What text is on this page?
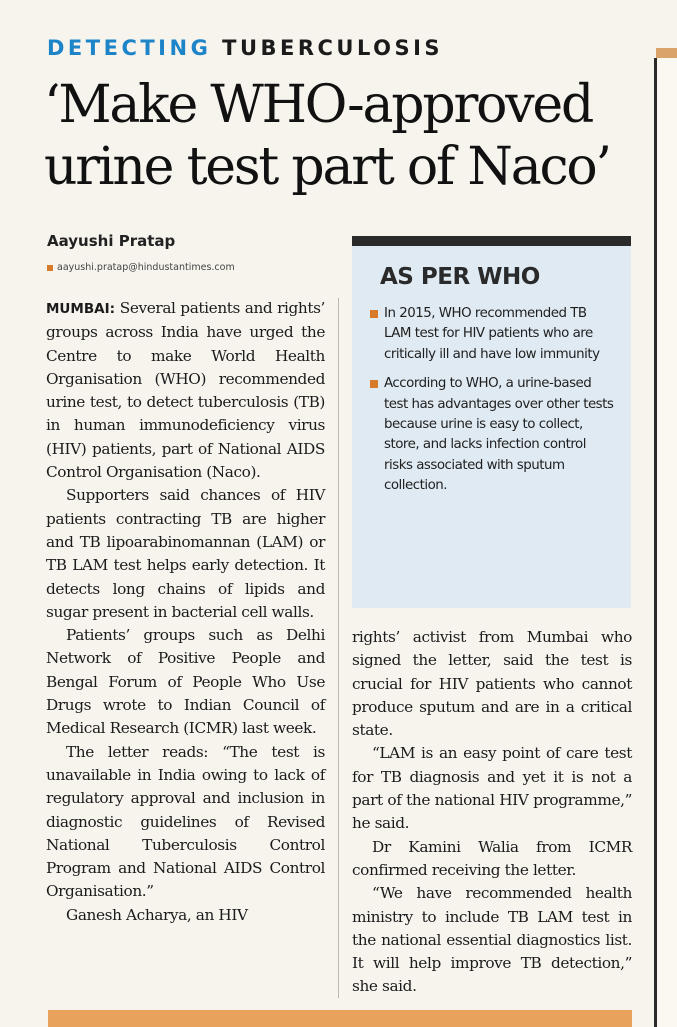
DETECTING TUBERCULOSIS
‘Make WHO-approved urine test part of Naco’
Aayushi Pratap
aayushi.pratap@hindustantimes.com

MUMBAI: Several patients and rights’ groups across India have urged the Centre to make World Health Organisation (WHO) recommended urine test, to detect tuberculosis (TB) in human immunodeficiency virus (HIV) patients, part of National AIDS Control Organisation (Naco).

Supporters said chances of HIV patients contracting TB are higher and TB lipoarabinomannan (LAM) or TB LAM test helps early detection. It detects long chains of lipids and sugar present in bacterial cell walls.

Patients’ groups such as Delhi Network of Positive People and Bengal Forum of People Who Use Drugs wrote to Indian Council of Medical Research (ICMR) last week.

The letter reads: “The test is unavailable in India owing to lack of regulatory approval and inclusion in diagnostic guidelines of Revised National Tuberculosis Control Program and National AIDS Control Organisation.”

Ganesh Acharya, an HIV

AS PER WHO
In 2015, WHO recommended TB LAM test for HIV patients who are critically ill and have low immunity
According to WHO, a urine-based test has advantages over other tests because urine is easy to collect, store, and lacks infection control risks associated with sputum collection.

rights’ activist from Mumbai who signed the letter, said the test is crucial for HIV patients who cannot produce sputum and are in a critical state.

“LAM is an easy point of care test for TB diagnosis and yet it is not a part of the national HIV programme,” he said.

Dr Kamini Walia from ICMR confirmed receiving the letter.

“We have recommended health ministry to include TB LAM test in the national essential diagnostics list. It will help improve TB detection,” she said.
